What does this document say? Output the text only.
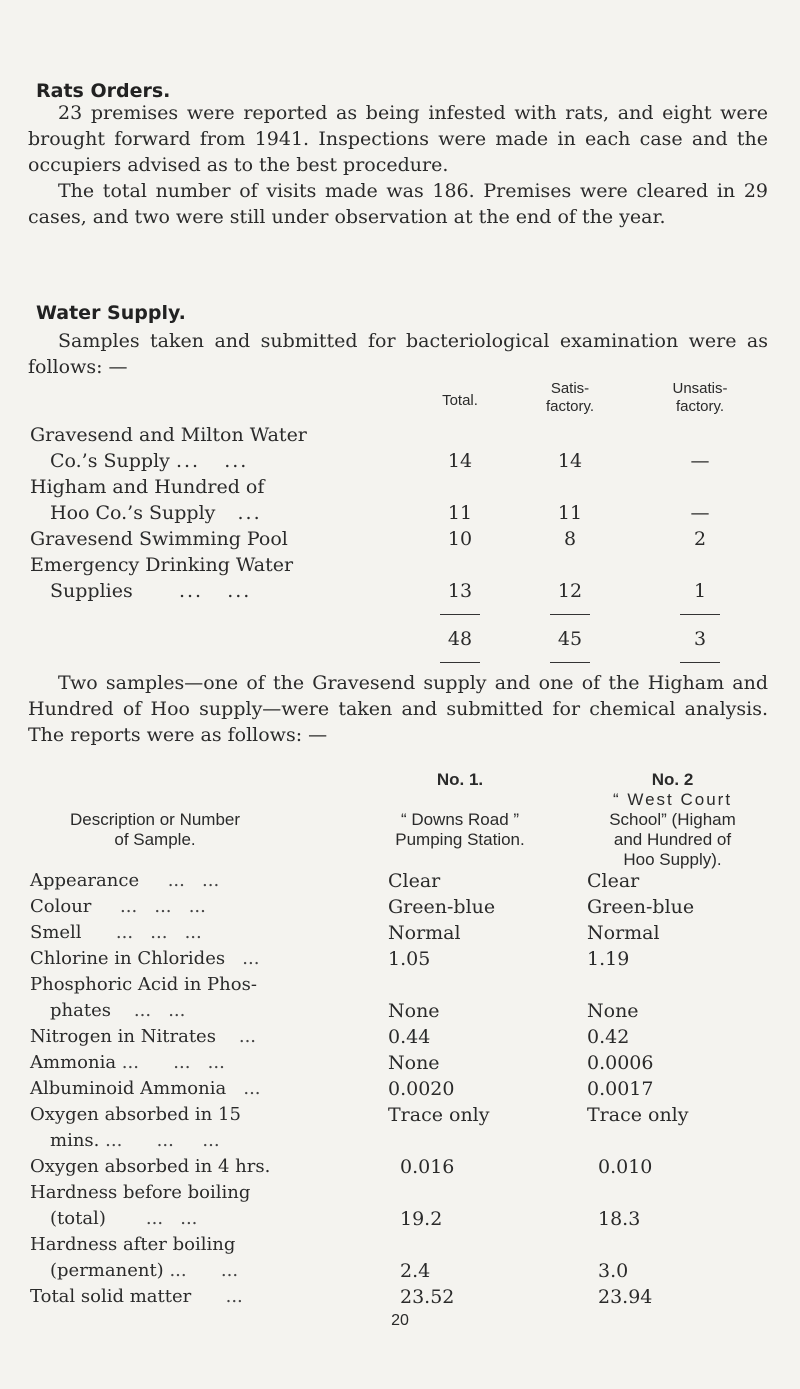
Rats Orders.
23 premises were reported as being infested with rats, and eight were brought forward from 1941. Inspections were made in each case and the occupiers advised as to the best procedure.
The total number of visits made was 186. Premises were cleared in 29 cases, and two were still under observation at the end of the year.
Water Supply.
Samples taken and submitted for bacteriological examination were as follows: —
Total.
Satis-
factory.
Unsatis-
factory.
Gravesend and Milton Water
Co.’s Supply ...   ...	14	14	—
Higham and Hundred of
Hoo Co.’s Supply   ...	11	11	—
Gravesend Swimming Pool	10	8	2
Emergency Drinking Water
Supplies      ...   ...	13	12	1
48	45	3
Two samples—one of the Gravesend supply and one of the Higham and Hundred of Hoo supply—were taken and submitted for chemical analysis. The reports were as follows: —
Description or Number
of Sample.
No. 1.
“ Downs Road ”
Pumping Station.
No. 2
“ West Court
School” (Higham
and Hundred of
Hoo Supply).
Appearance     ...   ...	Clear	Clear
Colour     ...   ...   ...	Green-blue	Green-blue
Smell      ...   ...   ...	Normal	Normal
Chlorine in Chlorides   ...	1.05	1.19
Phosphoric Acid in Phos-
phates    ...   ...	None	None
Nitrogen in Nitrates    ...	0.44	0.42
Ammonia ...      ...   ...	None	0.0006
Albuminoid Ammonia   ...	0.0020	0.0017
Oxygen absorbed in 15
mins. ...      ...     ...
Trace only	Trace only
Oxygen absorbed in 4 hrs.	0.016	0.010
Hardness before boiling
(total)       ...   ...	19.2	18.3
Hardness after boiling
(permanent) ...      ...	2.4	3.0
Total solid matter      ...	23.52	23.94
20
